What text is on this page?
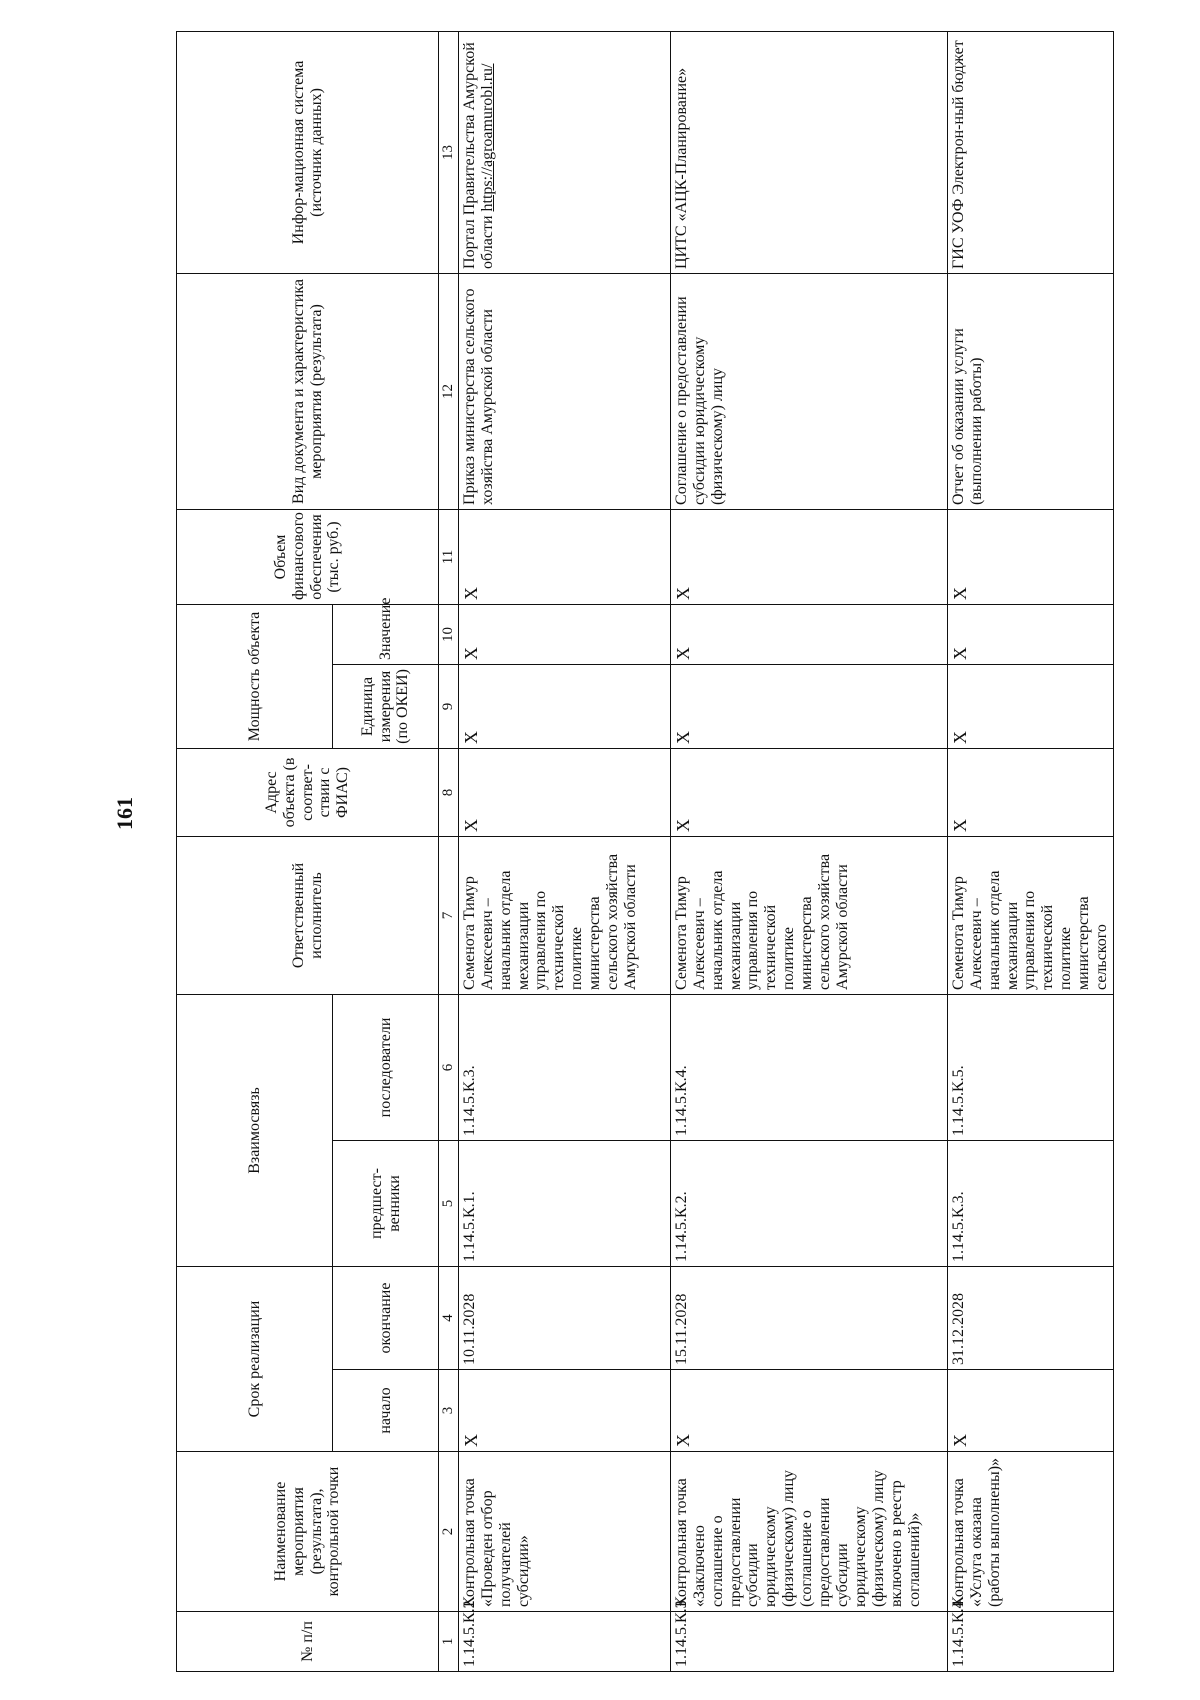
161
№ п/п	Наименование мероприятия (результата), контрольной точки	Срок реализации		Взаимосвязь		Ответственный исполнитель	Адрес объекта (в соответ-ствии с ФИАС)	Мощность объекта		Объем финансового обеспечения (тыс. руб.)	Вид документа и характеристика мероприятия (результата)	Инфор-мационная система (источник данных)
		начало	окончание	предшест-венники	последователи			Единица измерения (по ОКЕИ)	Значение			
1	2	3	4	5	6	7	8	9	10	11	12	13
1.14.5.К.2.	Контрольная точка «Проведен отбор получателей субсидии»	X	10.11.2028	1.14.5.К.1.	1.14.5.К.3.	Семенота Тимур Алексеевич – начальник отдела механизации управления по технической политике министерства сельского хозяйства Амурской области	X	X	X	X	Приказ министерства сельского хозяйства Амурской области	Портал Правительства Амурской области https://agroamurobl.ru/
1.14.5.К.3.	Контрольная точка «Заключено соглашение о предоставлении субсидии юридическому (физическому) лицу (соглашение о предоставлении субсидии юридическому (физическому) лицу включено в реестр соглашений)»	X	15.11.2028	1.14.5.К.2.	1.14.5.К.4.	Семенота Тимур Алексеевич – начальник отдела механизации управления по технической политике министерства сельского хозяйства Амурской области	X	X	X	X	Соглашение о предоставлении субсидии юридическому (физическому) лицу	ЦИТС «АЦК-Планирование»
1.14.5.К.4.	Контрольная точка «Услуга оказана (работы выполнены)»	X	31.12.2028	1.14.5.К.3.	1.14.5.К.5.	Семенота Тимур Алексеевич – начальник отдела механизации управления по технической политике министерства сельского	X	X	X	X	Отчет об оказании услуги (выполнении работы)	ГИС УОФ Электрон-ный бюджет
